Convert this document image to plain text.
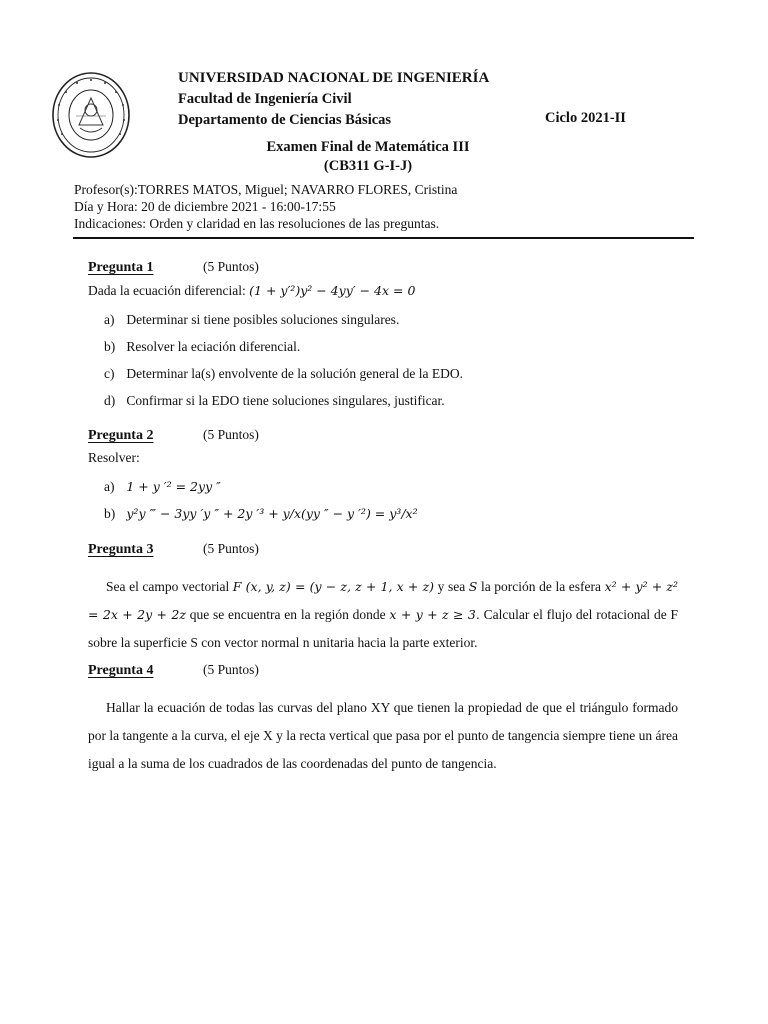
UNIVERSIDAD NACIONAL DE INGENIERÍA
Facultad de Ingeniería Civil
Departamento de Ciencias Básicas	Ciclo 2021-II
Examen Final de Matemática III
(CB311 G-I-J)
Profesor(s):TORRES MATOS, Miguel; NAVARRO FLORES, Cristina
Día y Hora: 20 de diciembre 2021 - 16:00-17:55
Indicaciones: Orden y claridad en las resoluciones de las preguntas.
Pregunta 1	(5 Puntos)
Dada la ecuación diferencial: (1 + y′²)y² − 4yy′ − 4x = 0
a) Determinar si tiene posibles soluciones singulares.
b) Resolver la eciación diferencial.
c) Determinar la(s) envolvente de la solución general de la EDO.
d) Confirmar si la EDO tiene soluciones singulares, justificar.
Pregunta 2	(5 Puntos)
Resolver:
a) 1 + y ′² = 2yy ″
b) y²y ‴ − 3yy ′y ″ + 2y ′³ + y/x(yy ″ − y ′²) = y³/x²
Pregunta 3	(5 Puntos)
Sea el campo vectorial F (x, y, z) = (y − z, z + 1, x + z) y sea S la porción de la esfera x² + y² + z² = 2x + 2y + 2z que se encuentra en la región donde x + y + z ≥ 3. Calcular el flujo del rotacional de F sobre la superficie S con vector normal n unitaria hacia la parte exterior.
Pregunta 4	(5 Puntos)
Hallar la ecuación de todas las curvas del plano XY que tienen la propiedad de que el triángulo formado por la tangente a la curva, el eje X y la recta vertical que pasa por el punto de tangencia siempre tiene un área igual a la suma de los cuadrados de las coordenadas del punto de tangencia.
